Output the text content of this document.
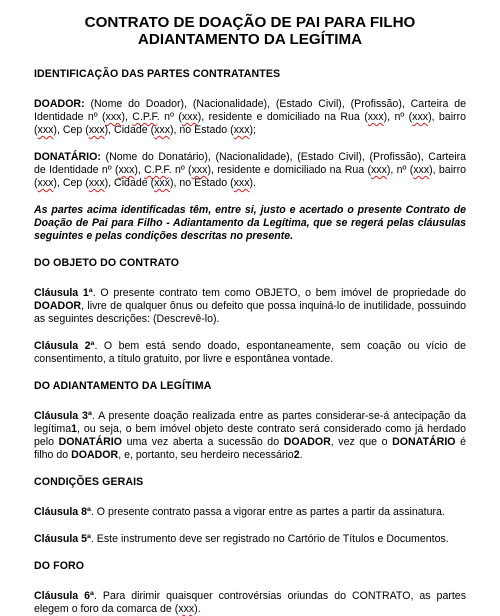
CONTRATO DE DOAÇÃO DE PAI PARA FILHO
ADIANTAMENTO DA LEGÍTIMA
IDENTIFICAÇÃO DAS PARTES CONTRATANTES

DOADOR: (Nome do Doador), (Nacionalidade), (Estado Civil), (Profissão), Carteira de Identidade nº (xxx), C.P.F. nº (xxx), residente e domiciliado na Rua (xxx), nº (xxx), bairro (xxx), Cep (xxx), Cidade (xxx), no Estado (xxx);

DONATÁRIO: (Nome do Donatário), (Nacionalidade), (Estado Civil), (Profissão), Carteira de Identidade nº (xxx), C.P.F. nº (xxx), residente e domiciliado na Rua (xxx), nº (xxx), bairro (xxx), Cep (xxx), Cidade (xxx), no Estado (xxx).

As partes acima identificadas têm, entre si, justo e acertado o presente Contrato de Doação de Pai para Filho - Adiantamento da Legítima, que se regerá pelas cláusulas seguintes e pelas condições descritas no presente.

DO OBJETO DO CONTRATO

Cláusula 1ª. O presente contrato tem como OBJETO, o bem imóvel de propriedade do DOADOR, livre de qualquer ônus ou defeito que possa inquiná-lo de inutilidade, possuindo as seguintes descrições: (Descrevê-lo).

Cláusula 2ª. O bem está sendo doado, espontaneamente, sem coação ou vício de consentimento, a título gratuito, por livre e espontânea vontade.

DO ADIANTAMENTO DA LEGÍTIMA

Cláusula 3ª. A presente doação realizada entre as partes considerar-se-á antecipação da legítima1, ou seja, o bem imóvel objeto deste contrato será considerado como já herdado pelo DONATÁRIO uma vez aberta a sucessão do DOADOR, vez que o DONATÁRIO é filho do DOADOR, e, portanto, seu herdeiro necessário2.

CONDIÇÕES GERAIS

Cláusula 8ª. O presente contrato passa a vigorar entre as partes a partir da assinatura.

Cláusula 5ª. Este instrumento deve ser registrado no Cartório de Títulos e Documentos.

DO FORO

Cláusula 6ª. Para dirimir quaisquer controvérsias oriundas do CONTRATO, as partes elegem o foro da comarca de (xxx).
